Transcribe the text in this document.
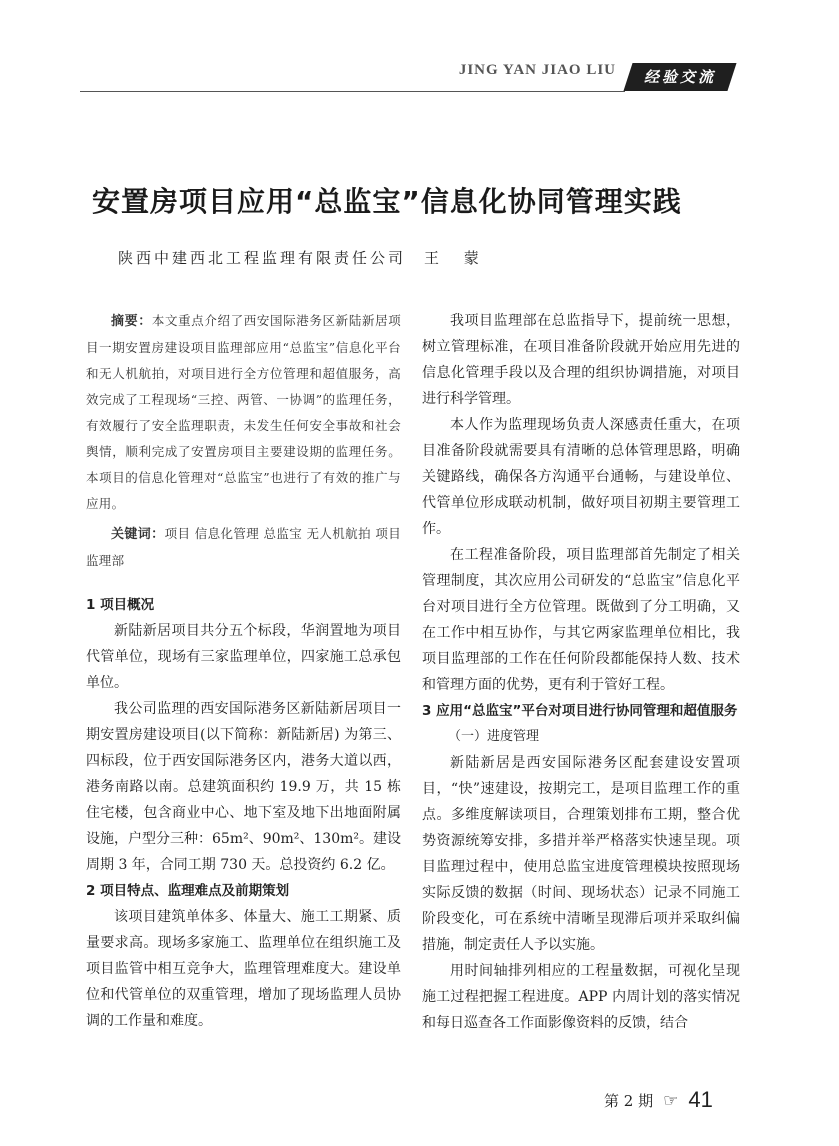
JING YAN JIAO LIU	经验交流
安置房项目应用“总监宝”信息化协同管理实践
陕西中建西北工程监理有限责任公司 王 蒙

摘要：本文重点介绍了西安国际港务区新陆新居项目一期安置房建设项目监理部应用“总监宝”信息化平台和无人机航拍，对项目进行全方位管理和超值服务，高效完成了工程现场“三控、两管、一协调”的监理任务，有效履行了安全监理职责，未发生任何安全事故和社会舆情，顺利完成了安置房项目主要建设期的监理任务。本项目的信息化管理对“总监宝”也进行了有效的推广与应用。

关键词：项目 信息化管理 总监宝 无人机航拍 项目监理部

1 项目概况

新陆新居项目共分五个标段，华润置地为项目代管单位，现场有三家监理单位，四家施工总承包单位。

我公司监理的西安国际港务区新陆新居项目一期安置房建设项目(以下简称：新陆新居) 为第三、四标段，位于西安国际港务区内，港务大道以西，港务南路以南。总建筑面积约 19.9 万，共 15 栋住宅楼，包含商业中心、地下室及地下出地面附属设施，户型分三种：65m²、90m²、130m²。建设周期 3 年，合同工期 730 天。总投资约 6.2 亿。

2 项目特点、监理难点及前期策划

该项目建筑单体多、体量大、施工工期紧、质量要求高。现场多家施工、监理单位在组织施工及项目监管中相互竞争大，监理管理难度大。建设单位和代管单位的双重管理，增加了现场监理人员协调的工作量和难度。

我项目监理部在总监指导下，提前统一思想，树立管理标准，在项目准备阶段就开始应用先进的信息化管理手段以及合理的组织协调措施，对项目进行科学管理。

本人作为监理现场负责人深感责任重大，在项目准备阶段就需要具有清晰的总体管理思路，明确关键路线，确保各方沟通平台通畅，与建设单位、代管单位形成联动机制，做好项目初期主要管理工作。

在工程准备阶段，项目监理部首先制定了相关管理制度，其次应用公司研发的“总监宝”信息化平台对项目进行全方位管理。既做到了分工明确，又在工作中相互协作，与其它两家监理单位相比，我项目监理部的工作在任何阶段都能保持人数、技术和管理方面的优势，更有利于管好工程。

3 应用“总监宝”平台对项目进行协同管理和超值服务

（一）进度管理

新陆新居是西安国际港务区配套建设安置项目，“快”速建设，按期完工，是项目监理工作的重点。多维度解读项目，合理策划排布工期，整合优势资源统筹安排，多措并举严格落实快速呈现。项目监理过程中，使用总监宝进度管理模块按照现场实际反馈的数据（时间、现场状态）记录不同施工阶段变化，可在系统中清晰呈现滞后项并采取纠偏措施，制定责任人予以实施。

用时间轴排列相应的工程量数据，可视化呈现施工过程把握工程进度。APP 内周计划的落实情况和每日巡查各工作面影像资料的反馈，结合

第 2 期 ☞ 41
